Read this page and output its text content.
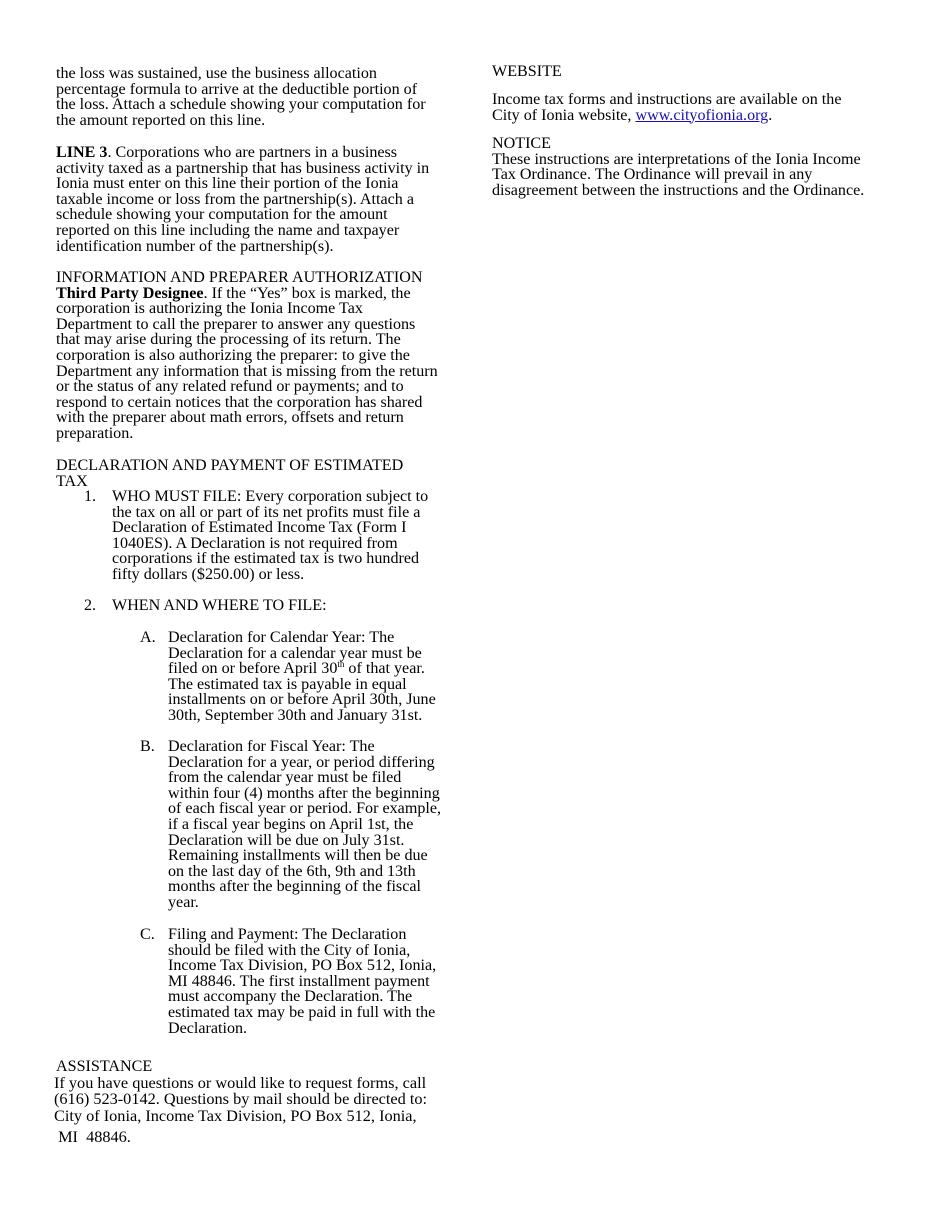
the loss was sustained, use the business allocation

percentage formula to arrive at the deductible portion of

the loss. Attach a schedule showing your computation for

the amount reported on this line.

LINE 3. Corporations who are partners in a business

activity taxed as a partnership that has business activity in

Ionia must enter on this line their portion of the Ionia

taxable income or loss from the partnership(s). Attach a

schedule showing your computation for the amount

reported on this line including the name and taxpayer

identification number of the partnership(s).

INFORMATION AND PREPARER AUTHORIZATION

Third Party Designee. If the “Yes” box is marked, the

corporation is authorizing the Ionia Income Tax

Department to call the preparer to answer any questions

that may arise during the processing of its return. The

corporation is also authorizing the preparer: to give the

Department any information that is missing from the return

or the status of any related refund or payments; and to

respond to certain notices that the corporation has shared

with the preparer about math errors, offsets and return

preparation.

DECLARATION AND PAYMENT OF ESTIMATED

TAX

1. WHO MUST FILE: Every corporation subject to

the tax on all or part of its net profits must file a

Declaration of Estimated Income Tax (Form I

1040ES). A Declaration is not required from

corporations if the estimated tax is two hundred

fifty dollars ($250.00) or less.

2. WHEN AND WHERE TO FILE:
A. Declaration for Calendar Year: The

Declaration for a calendar year must be

filed on or before April 30th of that year.

The estimated tax is payable in equal

installments on or before April 30th, June

30th, September 30th and January 31st.

B. Declaration for Fiscal Year: The

Declaration for a year, or period differing

from the calendar year must be filed

within four (4) months after the beginning

of each fiscal year or period. For example,

if a fiscal year begins on April 1st, the

Declaration will be due on July 31st.

Remaining installments will then be due

on the last day of the 6th, 9th and 13th

months after the beginning of the fiscal

year.

C. Filing and Payment: The Declaration

should be filed with the City of Ionia,

Income Tax Division, PO Box 512, Ionia,

MI 48846. The first installment payment

must accompany the Declaration. The

estimated tax may be paid in full with the

Declaration.

ASSISTANCE

If you have questions or would like to request forms, call

(616) 523-0142. Questions by mail should be directed to:

City of Ionia, Income Tax Division, PO Box 512, Ionia,

MI  48846.

WEBSITE

Income tax forms and instructions are available on the

City of Ionia website, www.cityofionia.org.

NOTICE

These instructions are interpretations of the Ionia Income

Tax Ordinance. The Ordinance will prevail in any

disagreement between the instructions and the Ordinance.
